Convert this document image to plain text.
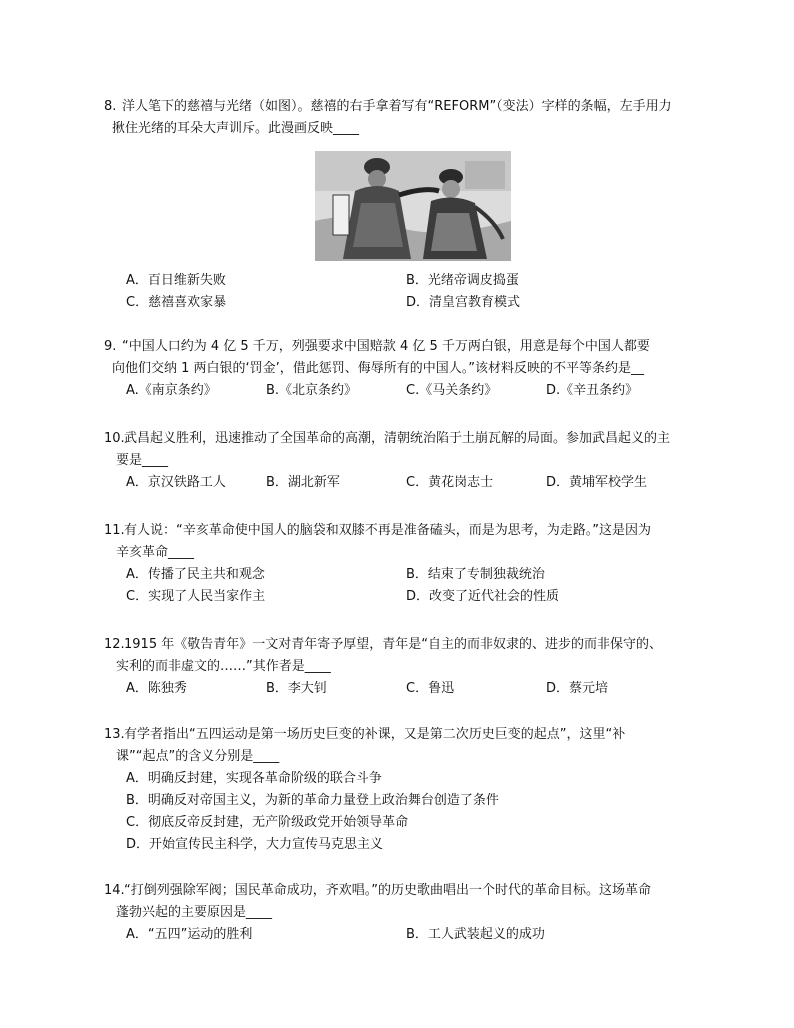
8. 洋人笔下的慈禧与光绪（如图）。慈禧的右手拿着写有“REFORM”（变法）字样的条幅，左手用力
揪住光绪的耳朵大声训斥。此漫画反映____
A．百日维新失败	B．光绪帝调皮捣蛋
C．慈禧喜欢家暴	D．清皇宫教育模式
9. “中国人口约为 4 亿 5 千万，列强要求中国赔款 4 亿 5 千万两白银，用意是每个中国人都要
向他们交纳 1 两白银的‘罚金’，借此惩罚、侮辱所有的中国人。”该材料反映的不平等条约是__
A.《南京条约》	B.《北京条约》	C.《马关条约》	D.《辛丑条约》
10. 武昌起义胜利，迅速推动了全国革命的高潮，清朝统治陷于土崩瓦解的局面。参加武昌起义的主
要是____
A．京汉铁路工人	B．湖北新军	C．黄花岗志士	D．黄埔军校学生
11. 有人说：“辛亥革命使中国人的脑袋和双膝不再是准备磕头，而是为思考，为走路。”这是因为
辛亥革命____
A．传播了民主共和观念	B．结束了专制独裁统治
C．实现了人民当家作主	D．改变了近代社会的性质
12. 1915 年《敬告青年》一文对青年寄予厚望，青年是“自主的而非奴隶的、进步的而非保守的、
实利的而非虚文的……”其作者是____
A．陈独秀	B．李大钊	C．鲁迅	D．蔡元培
13. 有学者指出“五四运动是第一场历史巨变的补课，又是第二次历史巨变的起点”，这里“补
课”“起点”的含义分别是____
A．明确反封建，实现各革命阶级的联合斗争
B．明确反对帝国主义，为新的革命力量登上政治舞台创造了条件
C．彻底反帝反封建，无产阶级政党开始领导革命
D．开始宣传民主科学，大力宣传马克思主义
14. “打倒列强除军阀；国民革命成功，齐欢唱。”的历史歌曲唱出一个时代的革命目标。这场革命
蓬勃兴起的主要原因是____
A．“五四”运动的胜利	B．工人武装起义的成功
